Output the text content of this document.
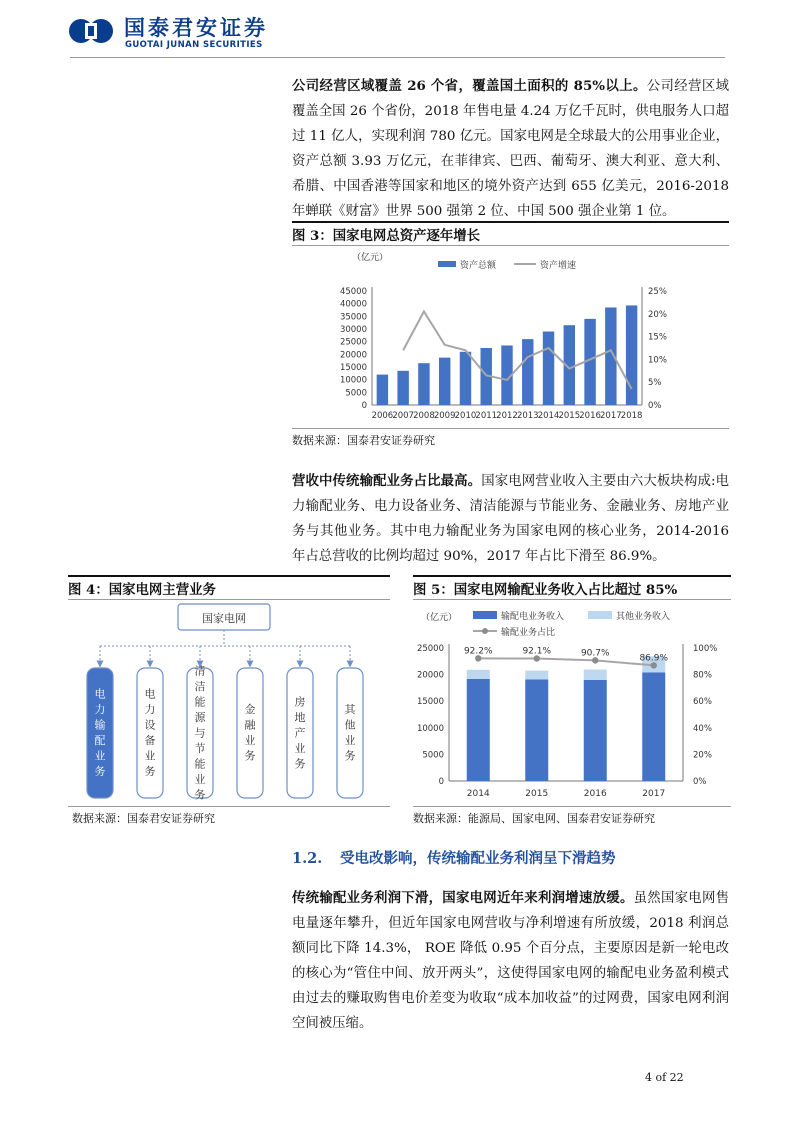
国泰君安证券
GUOTAI JUNAN SECURITIES
公司经营区域覆盖 26 个省，覆盖国土面积的 85%以上。公司经营区域覆盖全国 26 个省份，2018 年售电量 4.24 万亿千瓦时，供电服务人口超过 11 亿人，实现利润 780 亿元。国家电网是全球最大的公用事业企业，资产总额 3.93 万亿元，在菲律宾、巴西、葡萄牙、澳大利亚、意大利、希腊、中国香港等国家和地区的境外资产达到 655 亿美元，2016-2018 年蝉联《财富》世界 500 强第 2 位、中国 500 强企业第 1 位。
图 3：国家电网总资产逐年增长
（亿元）
资产总额	资产增速
0
5000
10000
15000
20000
25000
30000
35000
40000
45000
0%
5%
10%
15%
20%
25%
2006 2007 2008 2009 2010 2011 2012 2013 2014 2015 2016 2017 2018
数据来源：国泰君安证券研究
营收中传统输配业务占比最高。国家电网营业收入主要由六大板块构成:电力输配业务、电力设备业务、清洁能源与节能业务、金融业务、房地产业务与其他业务。其中电力输配业务为国家电网的核心业务，2014-2016 年占总营收的比例均超过 90%，2017 年占比下滑至 86.9%。
图 4：国家电网主营业务
国家电网
电力输配业务
电力设备业务
清洁能源与节能业务
金融业务
房地产业务
其他业务
数据来源：国泰君安证券研究
图 5：国家电网输配业务收入占比超过 85%
（亿元）	输配电业务收入	其他业务收入
输配业务占比
0
5000
10000
15000
20000
25000
0%
20%
40%
60%
80%
100%
2014	2015	2016	2017
92.2%	92.1%	90.7%
86.9%
数据来源：能源局、国家电网、国泰君安证券研究
1.2. 受电改影响，传统输配业务利润呈下滑趋势
传统输配业务利润下滑，国家电网近年来利润增速放缓。虽然国家电网售电量逐年攀升，但近年国家电网营收与净利增速有所放缓，2018 利润总额同比下降 14.3%， ROE 降低 0.95 个百分点，主要原因是新一轮电改的核心为“管住中间、放开两头”，这使得国家电网的输配电业务盈利模式由过去的赚取购售电价差变为收取“成本加收益”的过网费，国家电网利润空间被压缩。
4 of 22
